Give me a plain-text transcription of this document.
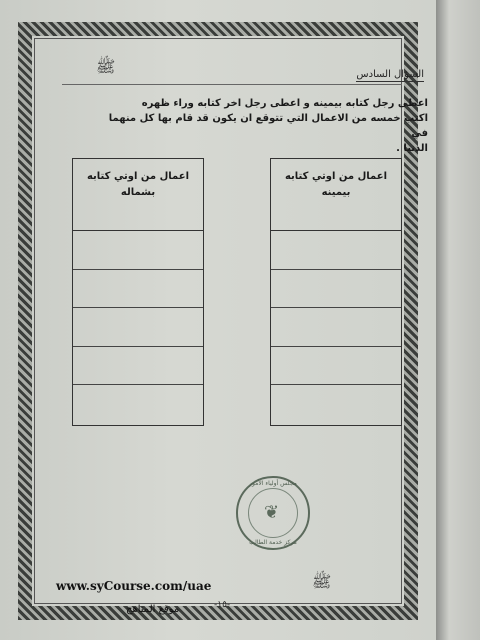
ﷺ	السؤال السادس
اعطى رجل كتابه بيمينه و اعطى رجل اخر كتابه وراء ظهره
اكتب خمسه من الاعمال التي تتوقع ان يكون قد قام بها كل منهما في
الدنيا .
اعمال من اوتي كتابه
بيمينه
اعمال من اوتي كتابه
بشماله
مجلس أولياء الأمور
❦
مركز خدمة الطالب
www.syCourse.com/uae
موقع المناهج	-١٥-
ﷺ
